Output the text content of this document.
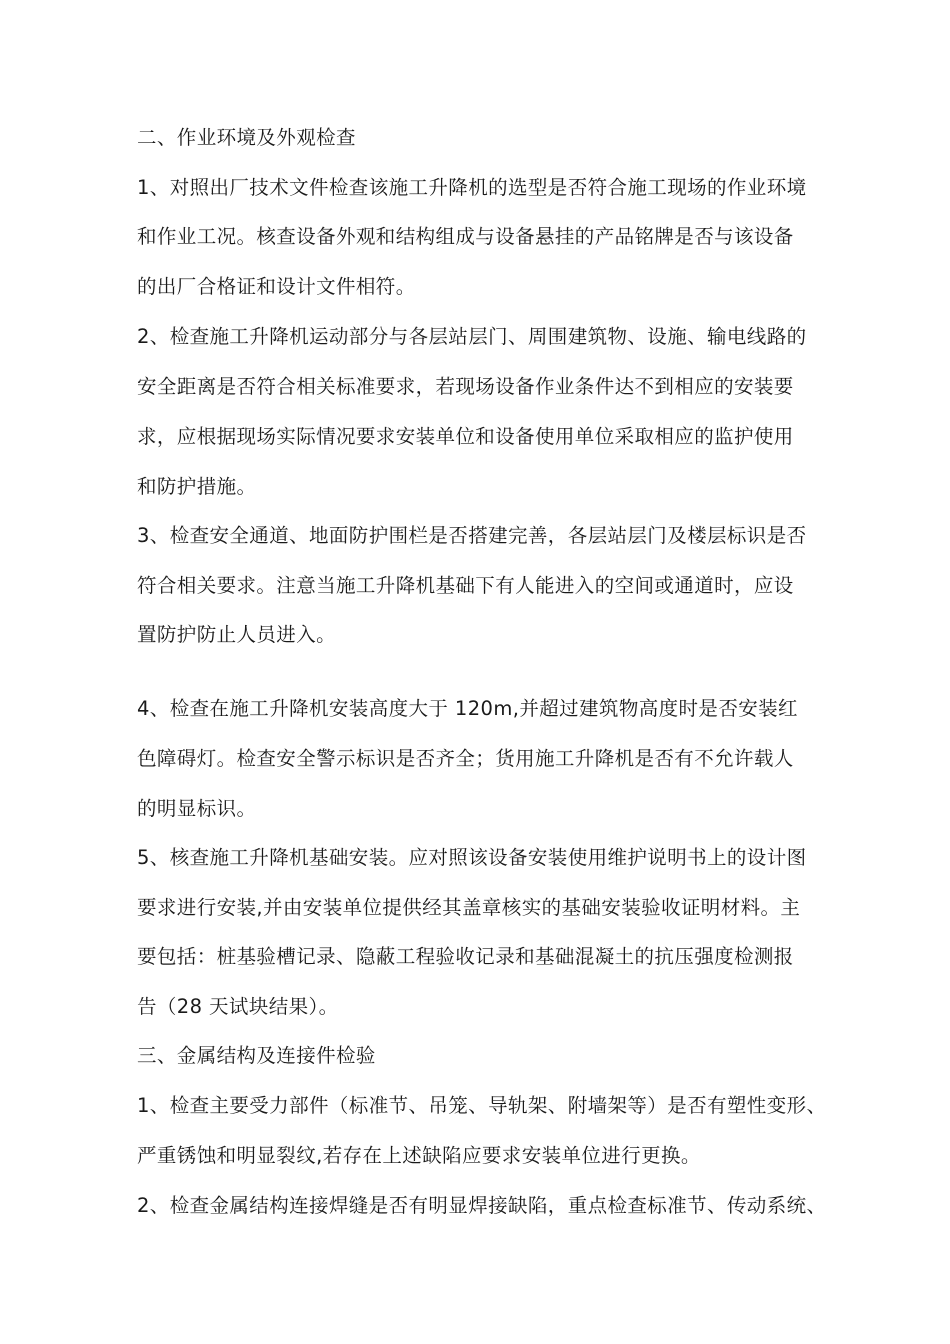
二、作业环境及外观检查
1、对照出厂技术文件检查该施工升降机的选型是否符合施工现场的作业环境
和作业工况。核查设备外观和结构组成与设备悬挂的产品铭牌是否与该设备
的出厂合格证和设计文件相符。
2、检查施工升降机运动部分与各层站层门、周围建筑物、设施、输电线路的
安全距离是否符合相关标准要求，若现场设备作业条件达不到相应的安装要
求，应根据现场实际情况要求安装单位和设备使用单位采取相应的监护使用
和防护措施。
3、检查安全通道、地面防护围栏是否搭建完善，各层站层门及楼层标识是否
符合相关要求。注意当施工升降机基础下有人能进入的空间或通道时，应设
置防护防止人员进入。
4、检查在施工升降机安装高度大于 120m,并超过建筑物高度时是否安装红
色障碍灯。检查安全警示标识是否齐全；货用施工升降机是否有不允许载人
的明显标识。
5、核查施工升降机基础安装。应对照该设备安装使用维护说明书上的设计图
要求进行安装,并由安装单位提供经其盖章核实的基础安装验收证明材料。主
要包括：桩基验槽记录、隐蔽工程验收记录和基础混凝土的抗压强度检测报
告（28 天试块结果）。
三、金属结构及连接件检验
1、检查主要受力部件（标准节、吊笼、导轨架、附墙架等）是否有塑性变形、
严重锈蚀和明显裂纹,若存在上述缺陷应要求安装单位进行更换。
2、检查金属结构连接焊缝是否有明显焊接缺陷，重点检查标准节、传动系统、
